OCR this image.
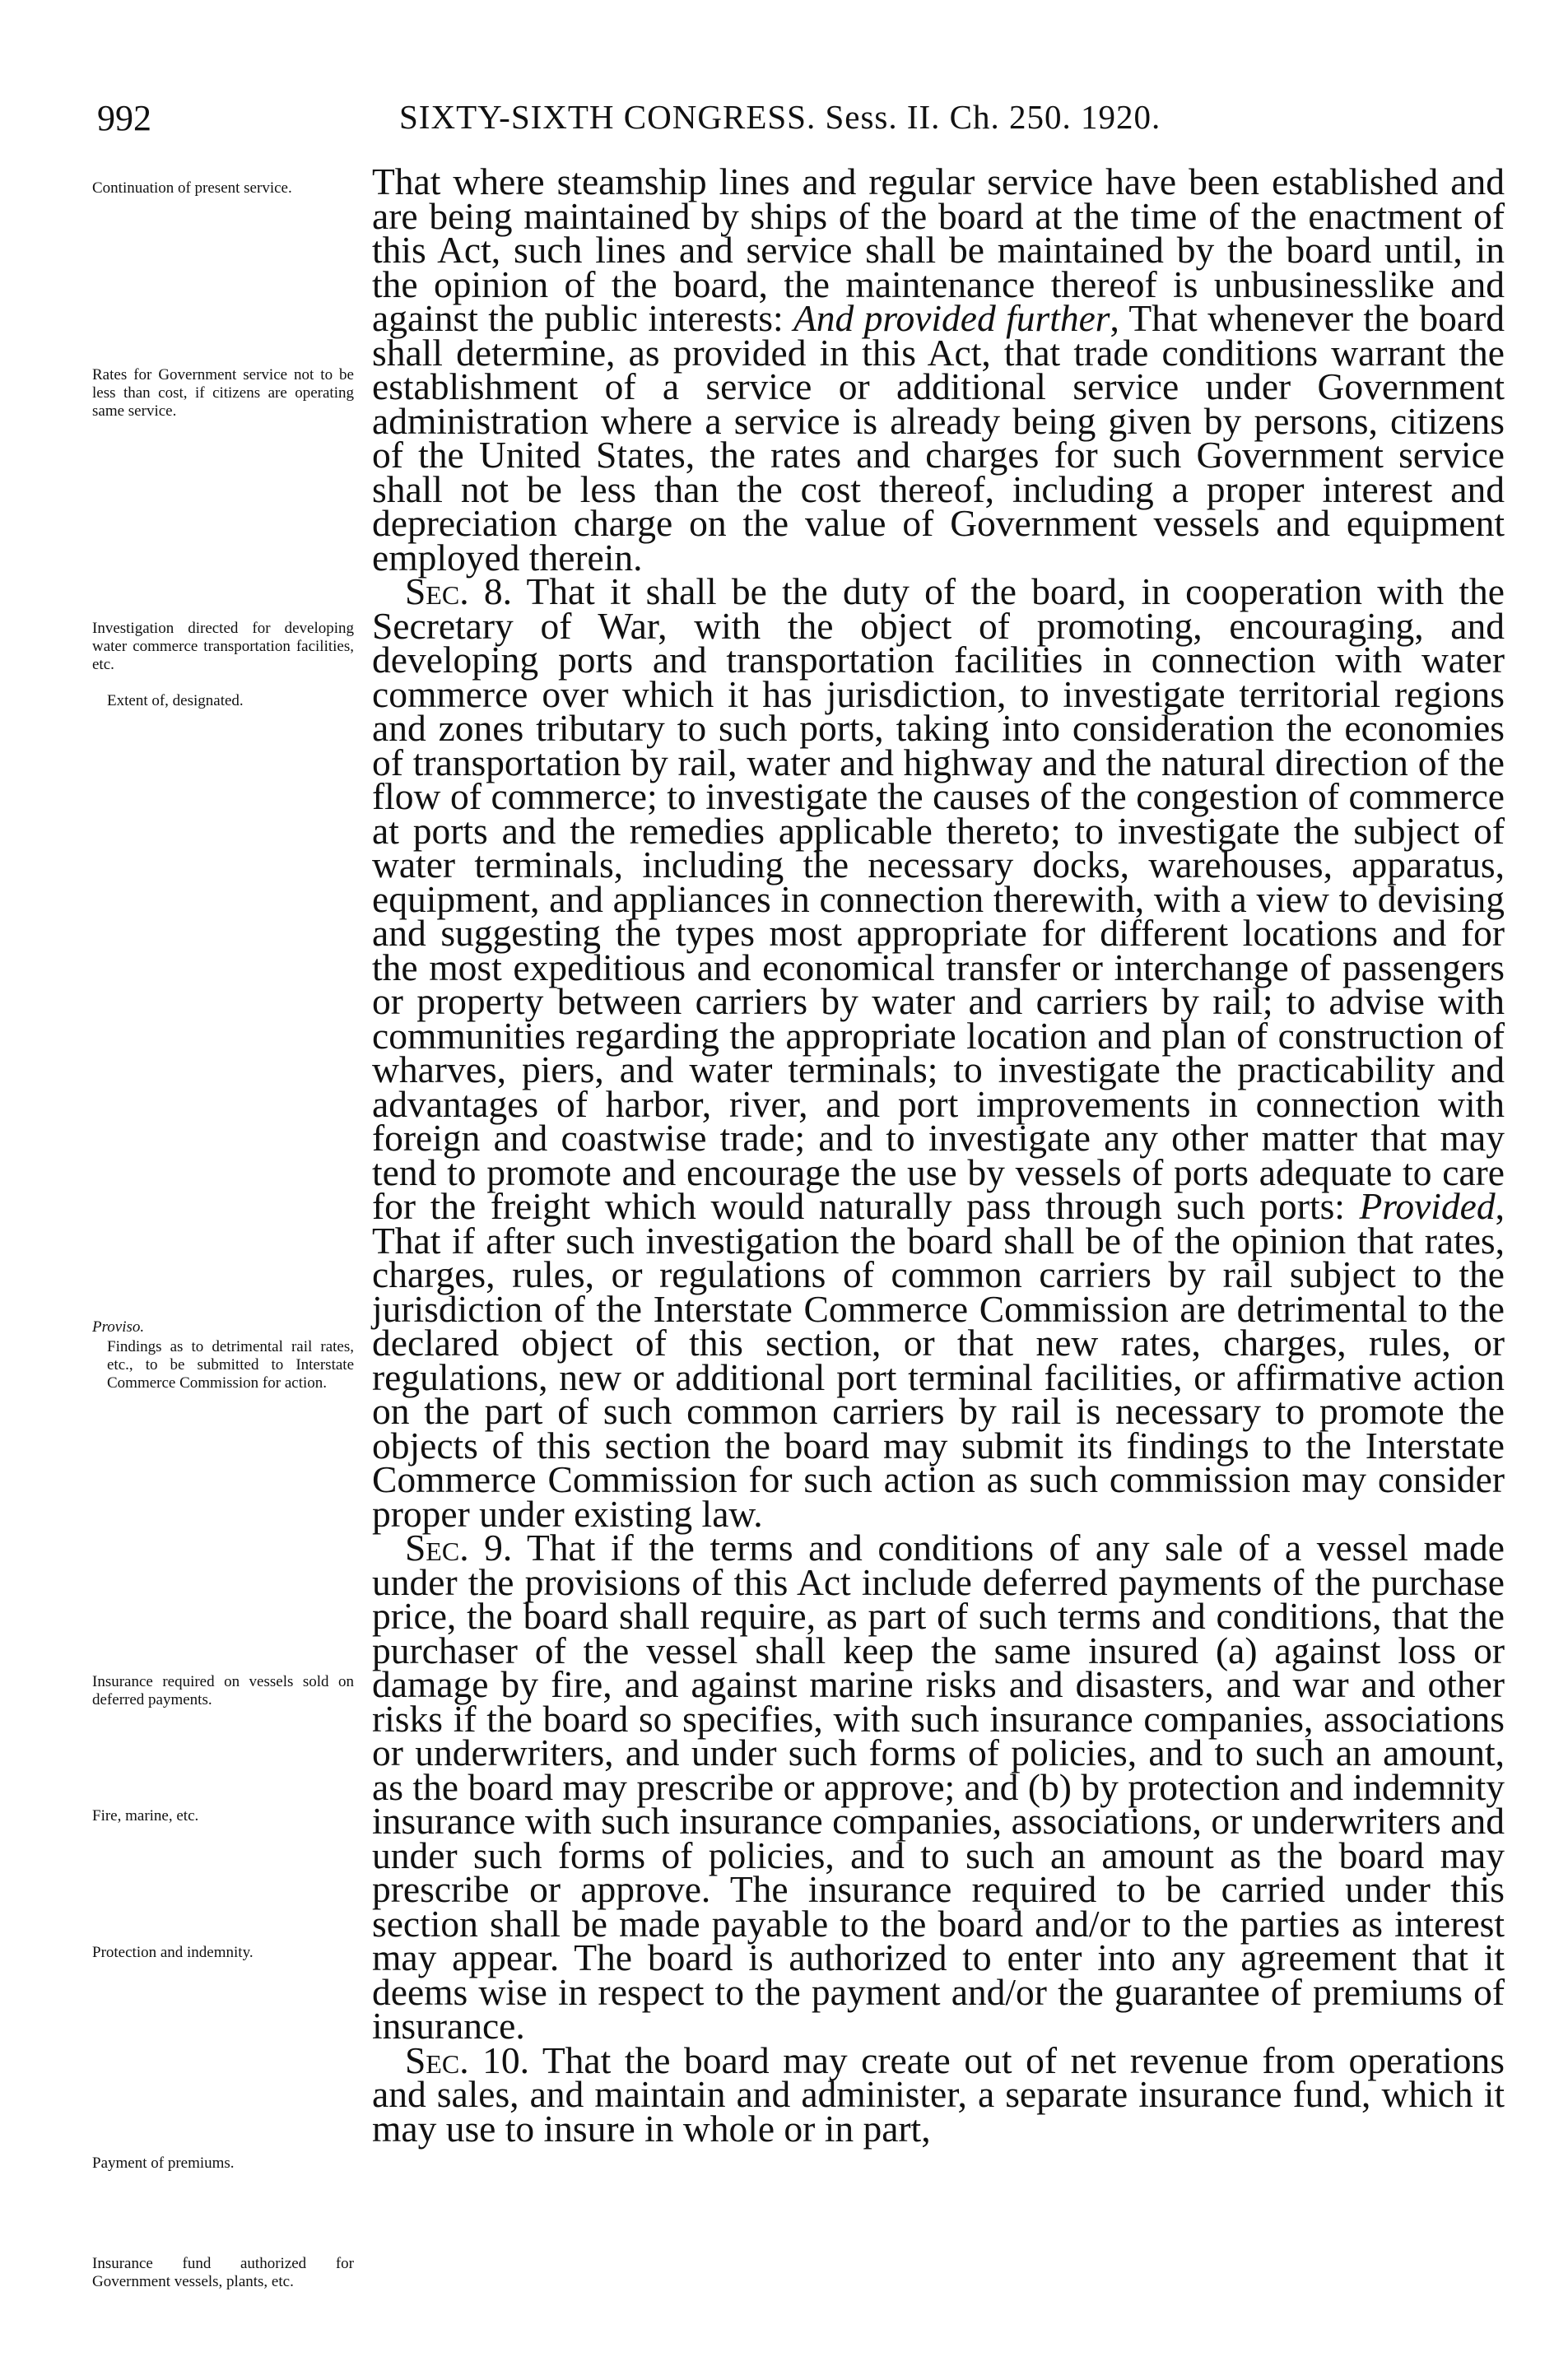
992	SIXTY-SIXTH CONGRESS. Sess. II. Ch. 250. 1920.
Continuation of present service.
Rates for Government service not to be less than cost, if citizens are operating same service.
Investigation directed for developing water commerce transportation facilities, etc.
Extent of, designated.
Proviso.
Findings as to detrimental rail rates, etc., to be submitted to Interstate Commerce Commission for action.
Insurance required on vessels sold on deferred payments.
Fire, marine, etc.
Protection and indemnity.
Payment of premiums.
Insurance fund authorized for Government vessels, plants, etc.

That where steamship lines and regular service have been established and are being maintained by ships of the board at the time of the enactment of this Act, such lines and service shall be maintained by the board until, in the opinion of the board, the maintenance thereof is unbusinesslike and against the public interests: And provided further, That whenever the board shall determine, as provided in this Act, that trade conditions warrant the establishment of a service or additional service under Government administration where a service is already being given by persons, citizens of the United States, the rates and charges for such Government service shall not be less than the cost thereof, including a proper interest and depreciation charge on the value of Government vessels and equipment employed therein.

Sec. 8. That it shall be the duty of the board, in cooperation with the Secretary of War, with the object of promoting, encouraging, and developing ports and transportation facilities in connection with water commerce over which it has jurisdiction, to investigate territorial regions and zones tributary to such ports, taking into consideration the economies of transportation by rail, water and highway and the natural direction of the flow of commerce; to investigate the causes of the congestion of commerce at ports and the remedies applicable thereto; to investigate the subject of water terminals, including the necessary docks, warehouses, apparatus, equipment, and appliances in connection therewith, with a view to devising and suggesting the types most appropriate for different locations and for the most expeditious and economical transfer or interchange of passengers or property between carriers by water and carriers by rail; to advise with communities regarding the appropriate location and plan of construction of wharves, piers, and water terminals; to investigate the practicability and advantages of harbor, river, and port improvements in connection with foreign and coastwise trade; and to investigate any other matter that may tend to promote and encourage the use by vessels of ports adequate to care for the freight which would naturally pass through such ports: Provided, That if after such investigation the board shall be of the opinion that rates, charges, rules, or regulations of common carriers by rail subject to the jurisdiction of the Interstate Commerce Commission are detrimental to the declared object of this section, or that new rates, charges, rules, or regulations, new or additional port terminal facilities, or affirmative action on the part of such common carriers by rail is necessary to promote the objects of this section the board may submit its findings to the Interstate Commerce Commission for such action as such commission may consider proper under existing law.

Sec. 9. That if the terms and conditions of any sale of a vessel made under the provisions of this Act include deferred payments of the purchase price, the board shall require, as part of such terms and conditions, that the purchaser of the vessel shall keep the same insured (a) against loss or damage by fire, and against marine risks and disasters, and war and other risks if the board so specifies, with such insurance companies, associations or underwriters, and under such forms of policies, and to such an amount, as the board may prescribe or approve; and (b) by protection and indemnity insurance with such insurance companies, associations, or underwriters and under such forms of policies, and to such an amount as the board may prescribe or approve. The insurance required to be carried under this section shall be made payable to the board and/or to the parties as interest may appear. The board is authorized to enter into any agreement that it deems wise in respect to the payment and/or the guarantee of premiums of insurance.

Sec. 10. That the board may create out of net revenue from operations and sales, and maintain and administer, a separate insurance fund, which it may use to insure in whole or in part,
